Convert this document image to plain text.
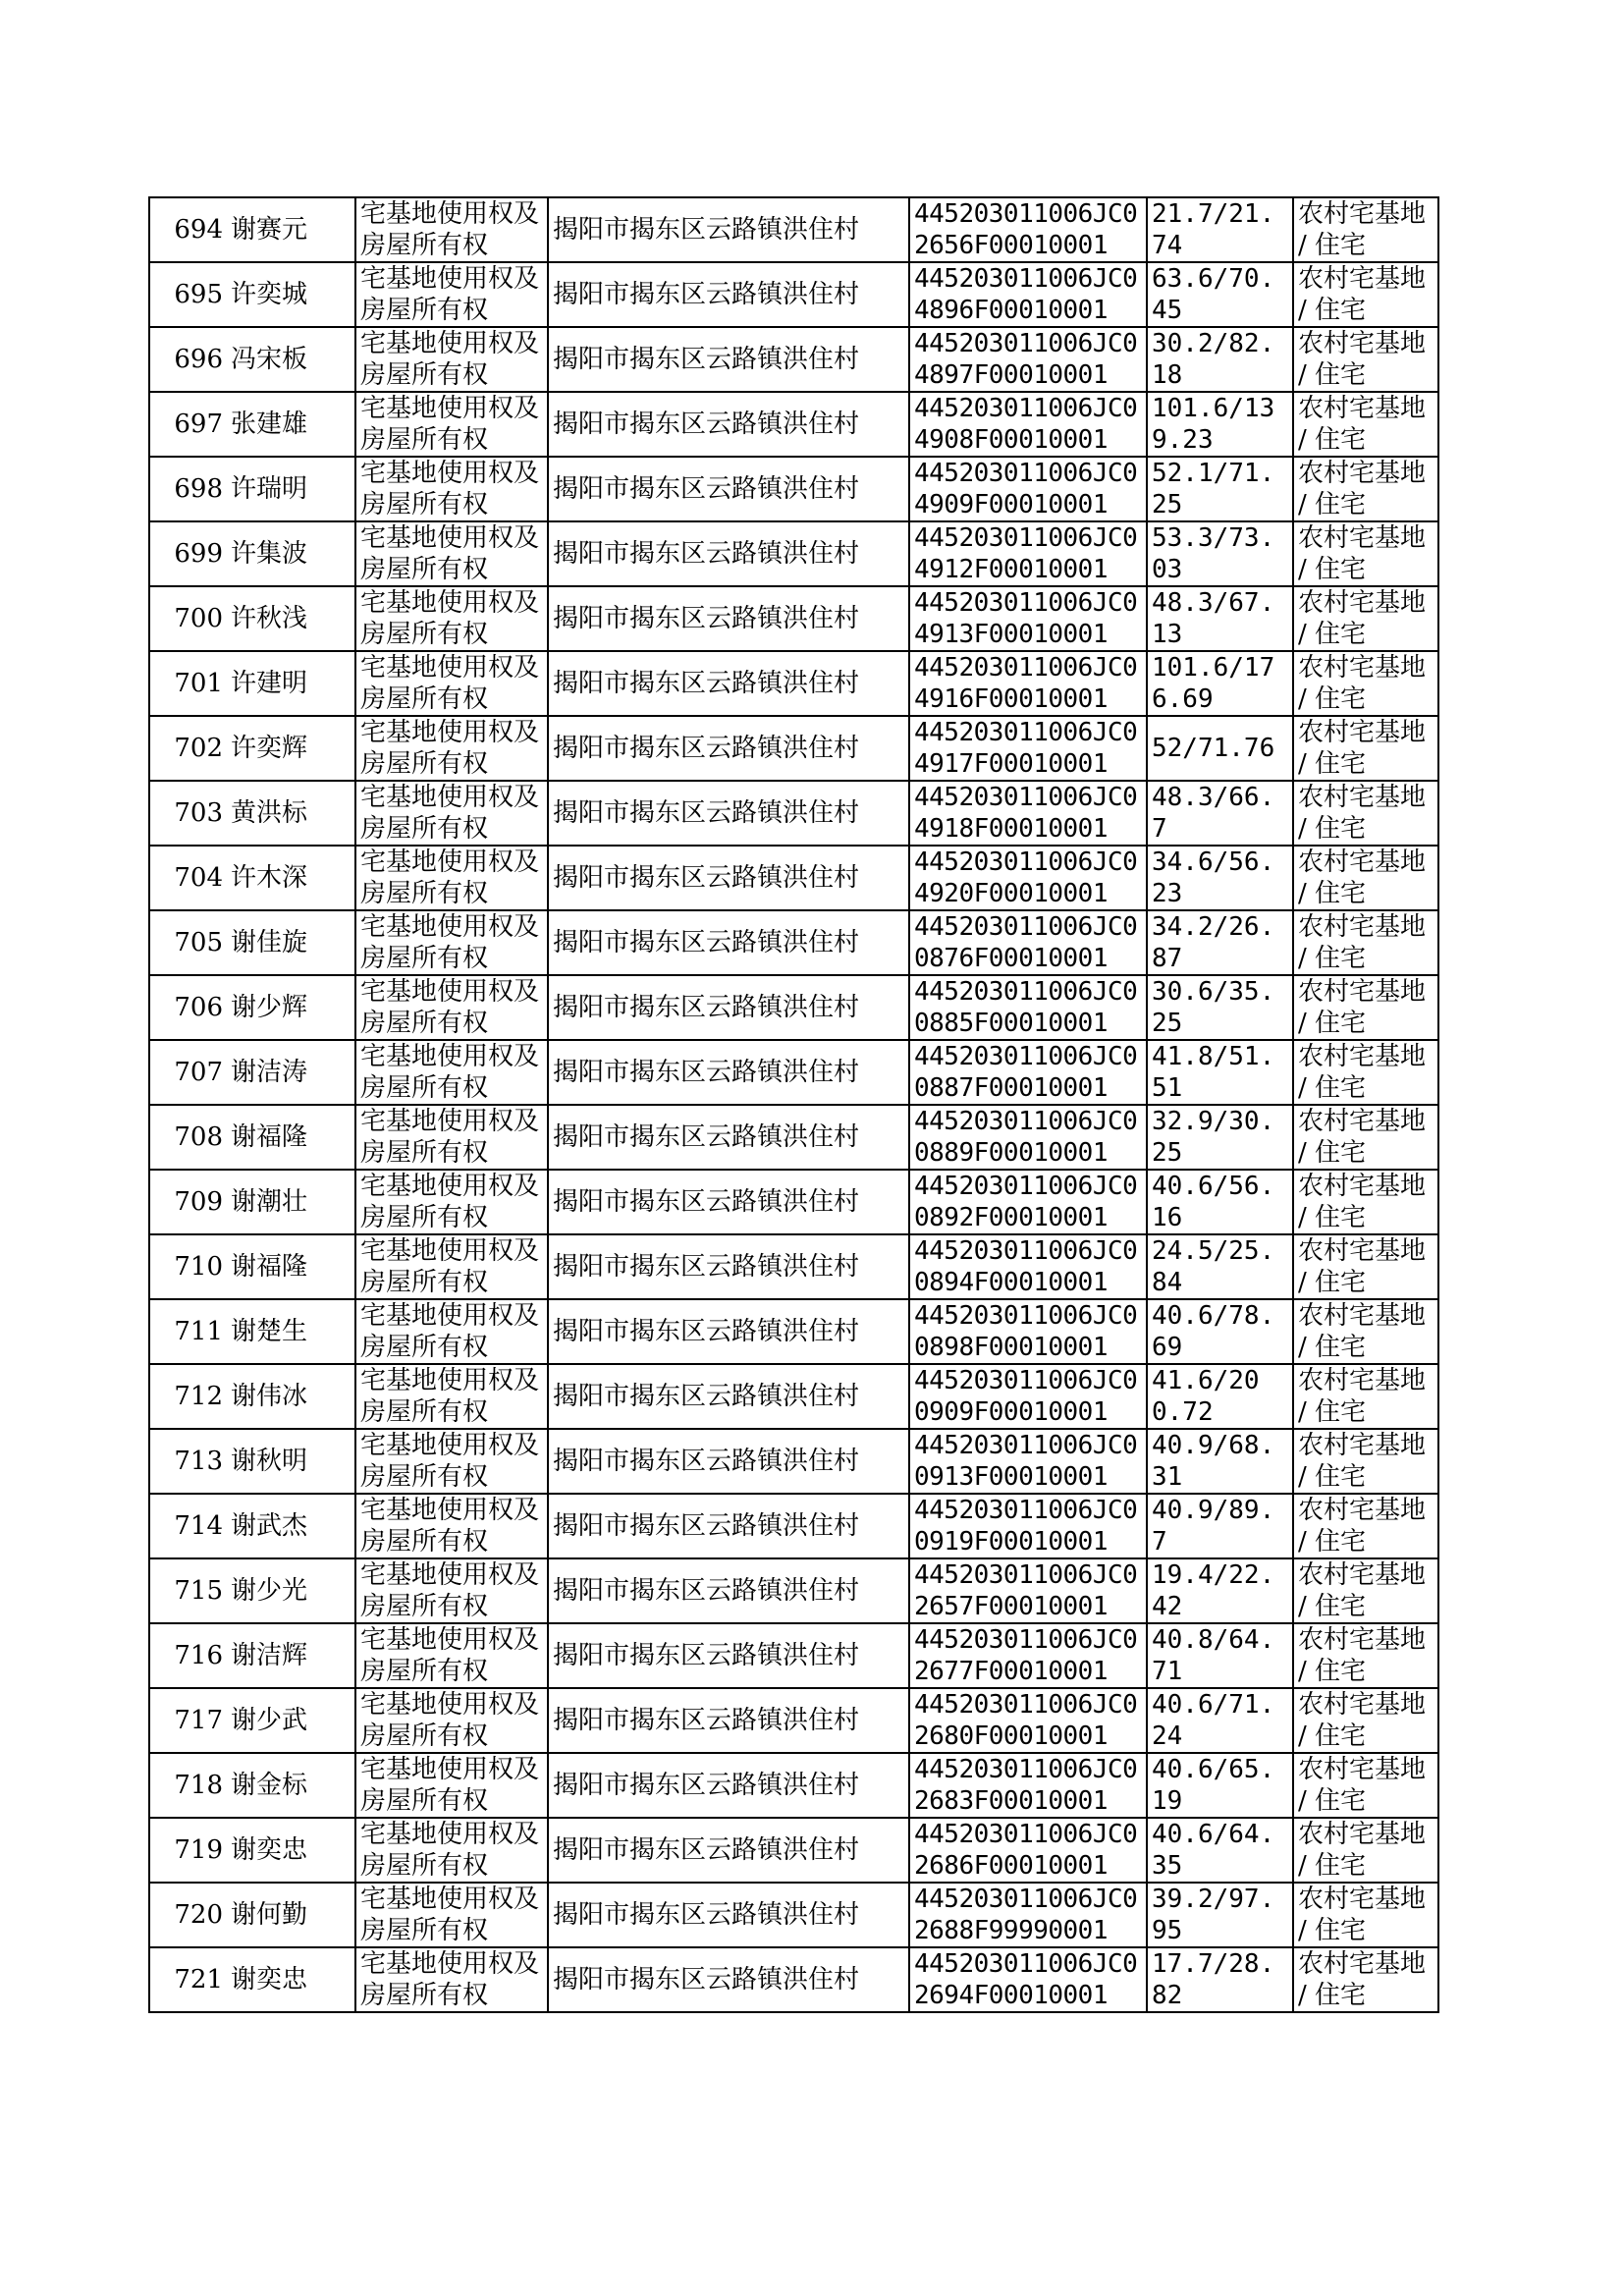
694	谢赛元	宅基地使用权及房屋所有权	揭阳市揭东区云路镇洪住村	445203011006JC02656F00010001	21.7/21.74	农村宅基地 / 住宅
695	许奕城	宅基地使用权及房屋所有权	揭阳市揭东区云路镇洪住村	445203011006JC04896F00010001	63.6/70.45	农村宅基地 / 住宅
696	冯宋板	宅基地使用权及房屋所有权	揭阳市揭东区云路镇洪住村	445203011006JC04897F00010001	30.2/82.18	农村宅基地 / 住宅
697	张建雄	宅基地使用权及房屋所有权	揭阳市揭东区云路镇洪住村	445203011006JC04908F00010001	101.6/139.23	农村宅基地 / 住宅
698	许瑞明	宅基地使用权及房屋所有权	揭阳市揭东区云路镇洪住村	445203011006JC04909F00010001	52.1/71.25	农村宅基地 / 住宅
699	许集波	宅基地使用权及房屋所有权	揭阳市揭东区云路镇洪住村	445203011006JC04912F00010001	53.3/73.03	农村宅基地 / 住宅
700	许秋浅	宅基地使用权及房屋所有权	揭阳市揭东区云路镇洪住村	445203011006JC04913F00010001	48.3/67.13	农村宅基地 / 住宅
701	许建明	宅基地使用权及房屋所有权	揭阳市揭东区云路镇洪住村	445203011006JC04916F00010001	101.6/176.69	农村宅基地 / 住宅
702	许奕辉	宅基地使用权及房屋所有权	揭阳市揭东区云路镇洪住村	445203011006JC04917F00010001	52/71.76	农村宅基地 / 住宅
703	黄洪标	宅基地使用权及房屋所有权	揭阳市揭东区云路镇洪住村	445203011006JC04918F00010001	48.3/66.7	农村宅基地 / 住宅
704	许木深	宅基地使用权及房屋所有权	揭阳市揭东区云路镇洪住村	445203011006JC04920F00010001	34.6/56.23	农村宅基地 / 住宅
705	谢佳旋	宅基地使用权及房屋所有权	揭阳市揭东区云路镇洪住村	445203011006JC00876F00010001	34.2/26.87	农村宅基地 / 住宅
706	谢少辉	宅基地使用权及房屋所有权	揭阳市揭东区云路镇洪住村	445203011006JC00885F00010001	30.6/35.25	农村宅基地 / 住宅
707	谢洁涛	宅基地使用权及房屋所有权	揭阳市揭东区云路镇洪住村	445203011006JC00887F00010001	41.8/51.51	农村宅基地 / 住宅
708	谢福隆	宅基地使用权及房屋所有权	揭阳市揭东区云路镇洪住村	445203011006JC00889F00010001	32.9/30.25	农村宅基地 / 住宅
709	谢潮壮	宅基地使用权及房屋所有权	揭阳市揭东区云路镇洪住村	445203011006JC00892F00010001	40.6/56.16	农村宅基地 / 住宅
710	谢福隆	宅基地使用权及房屋所有权	揭阳市揭东区云路镇洪住村	445203011006JC00894F00010001	24.5/25.84	农村宅基地 / 住宅
711	谢楚生	宅基地使用权及房屋所有权	揭阳市揭东区云路镇洪住村	445203011006JC00898F00010001	40.6/78.69	农村宅基地 / 住宅
712	谢伟冰	宅基地使用权及房屋所有权	揭阳市揭东区云路镇洪住村	445203011006JC00909F00010001	41.6/200.72	农村宅基地 / 住宅
713	谢秋明	宅基地使用权及房屋所有权	揭阳市揭东区云路镇洪住村	445203011006JC00913F00010001	40.9/68.31	农村宅基地 / 住宅
714	谢武杰	宅基地使用权及房屋所有权	揭阳市揭东区云路镇洪住村	445203011006JC00919F00010001	40.9/89.7	农村宅基地 / 住宅
715	谢少光	宅基地使用权及房屋所有权	揭阳市揭东区云路镇洪住村	445203011006JC02657F00010001	19.4/22.42	农村宅基地 / 住宅
716	谢洁辉	宅基地使用权及房屋所有权	揭阳市揭东区云路镇洪住村	445203011006JC02677F00010001	40.8/64.71	农村宅基地 / 住宅
717	谢少武	宅基地使用权及房屋所有权	揭阳市揭东区云路镇洪住村	445203011006JC02680F00010001	40.6/71.24	农村宅基地 / 住宅
718	谢金标	宅基地使用权及房屋所有权	揭阳市揭东区云路镇洪住村	445203011006JC02683F00010001	40.6/65.19	农村宅基地 / 住宅
719	谢奕忠	宅基地使用权及房屋所有权	揭阳市揭东区云路镇洪住村	445203011006JC02686F00010001	40.6/64.35	农村宅基地 / 住宅
720	谢何勤	宅基地使用权及房屋所有权	揭阳市揭东区云路镇洪住村	445203011006JC02688F99990001	39.2/97.95	农村宅基地 / 住宅
721	谢奕忠	宅基地使用权及房屋所有权	揭阳市揭东区云路镇洪住村	445203011006JC02694F00010001	17.7/28.82	农村宅基地 / 住宅
